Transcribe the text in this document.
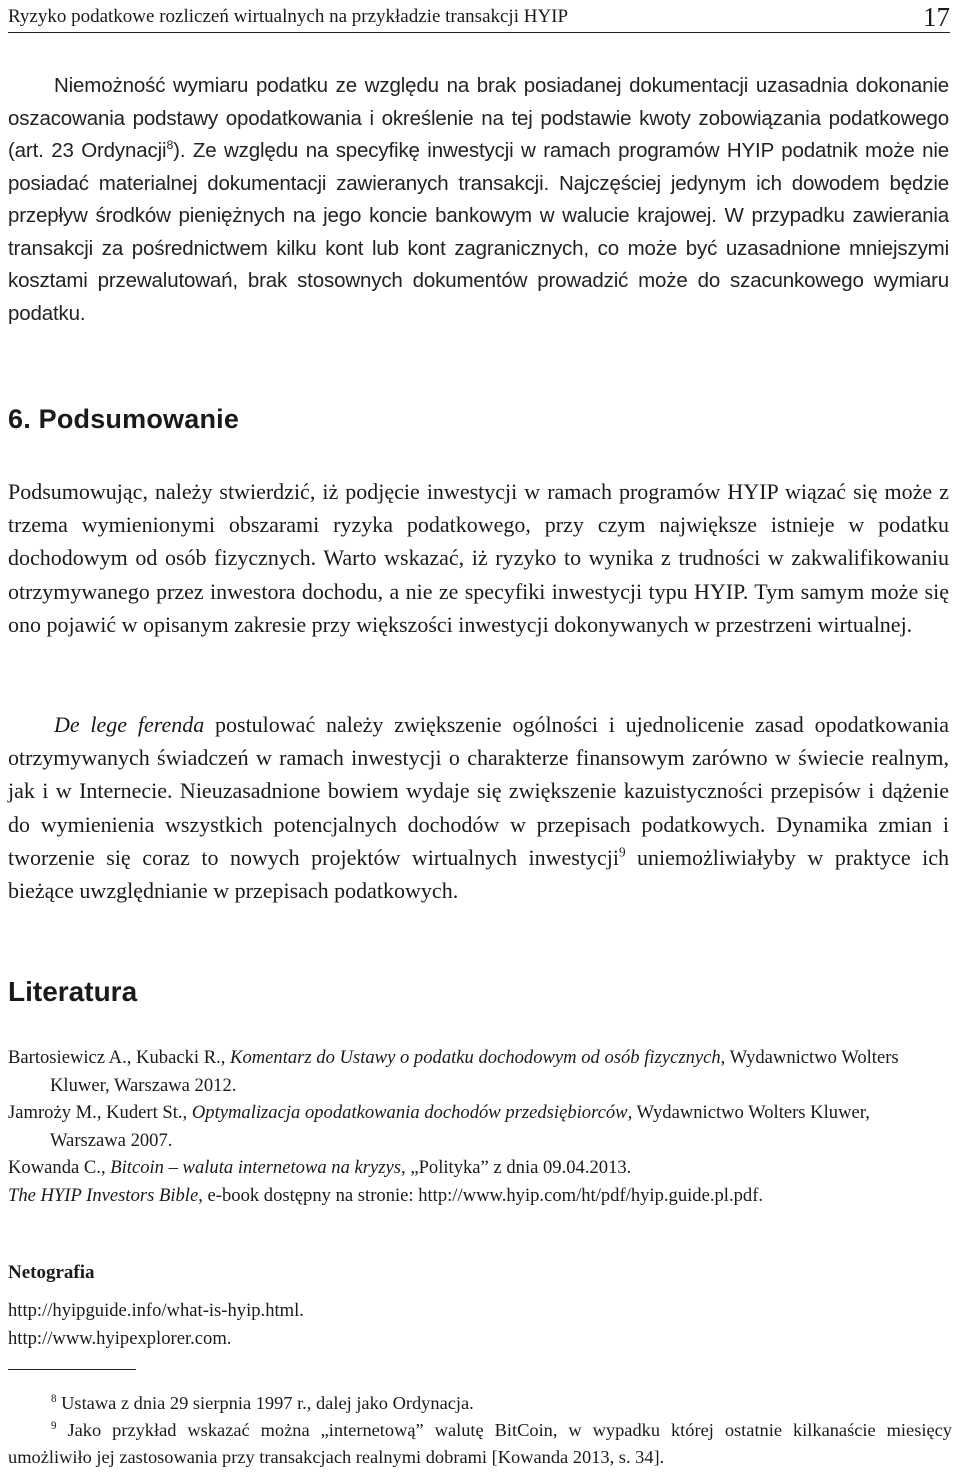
Ryzyko podatkowe rozliczeń wirtualnych na przykładzie transakcji HYIP	17

Niemożność wymiaru podatku ze względu na brak posiadanej dokumentacji uzasadnia dokonanie oszacowania podstawy opodatkowania i określenie na tej podstawie kwoty zobowiązania podatkowego (art. 23 Ordynacji$^8$). Ze względu na specyfikę inwestycji w ramach programów HYIP podatnik może nie posiadać materialnej dokumentacji zawieranych transakcji. Najczęściej jedynym ich dowodem będzie przepływ środków pieniężnych na jego koncie bankowym w walucie krajowej. W przypadku zawierania transakcji za pośrednictwem kilku kont lub kont zagranicznych, co może być uzasadnione mniejszymi kosztami przewalutowań, brak stosownych dokumentów prowadzić może do szacunkowego wymiaru podatku.

6. Podsumowanie

Podsumowując, należy stwierdzić, iż podjęcie inwestycji w ramach programów HYIP wiązać się może z trzema wymienionymi obszarami ryzyka podatkowego, przy czym największe istnieje w podatku dochodowym od osób fizycznych. Warto wskazać, iż ryzyko to wynika z trudności w zakwalifikowaniu otrzymywanego przez inwestora dochodu, a nie ze specyfiki inwestycji typu HYIP. Tym samym może się ono pojawić w opisanym zakresie przy większości inwestycji dokonywanych w przestrzeni wirtualnej.

De lege ferenda postulować należy zwiększenie ogólności i ujednolicenie zasad opodatkowania otrzymywanych świadczeń w ramach inwestycji o charakterze finansowym zarówno w świecie realnym, jak i w Internecie. Nieuzasadnione bowiem wydaje się zwiększenie kazuistyczności przepisów i dążenie do wymienienia wszystkich potencjalnych dochodów w przepisach podatkowych. Dynamika zmian i tworzenie się coraz to nowych projektów wirtualnych inwestycji$^9$ uniemożliwiałyby w praktyce ich bieżące uwzględnianie w przepisach podatkowych.

Literatura
Bartosiewicz A., Kubacki R., Komentarz do Ustawy o podatku dochodowym od osób fizycznych, Wydawnictwo Wolters Kluwer, Warszawa 2012.
Jamroży M., Kudert St., Optymalizacja opodatkowania dochodów przedsiębiorców, Wydawnictwo Wolters Kluwer, Warszawa 2007.
Kowanda C., Bitcoin – waluta internetowa na kryzys, „Polityka” z dnia 09.04.2013.
The HYIP Investors Bible, e-book dostępny na stronie: http://www.hyip.com/ht/pdf/hyip.guide.pl.pdf.
Netografia
http://hyipguide.info/what-is-hyip.html.
http://www.hyipexplorer.com.

$^8$ Ustawa z dnia 29 sierpnia 1997 r., dalej jako Ordynacja.

$^9$ Jako przykład wskazać można „internetową” walutę BitCoin, w wypadku której ostatnie kilkanaście miesięcy umożliwiło jej zastosowania przy transakcjach realnymi dobrami [Kowanda 2013, s. 34].
